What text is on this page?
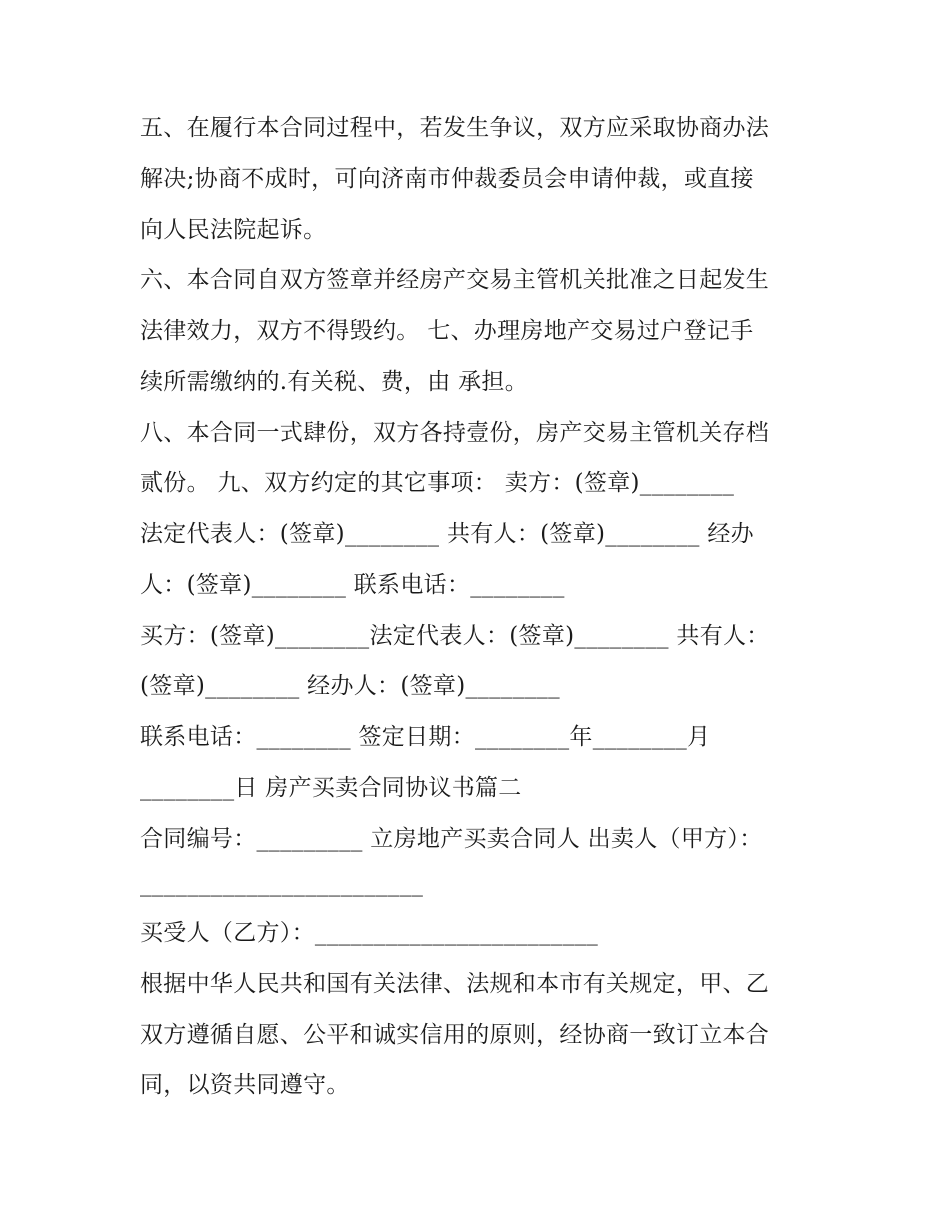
五、在履行本合同过程中，若发生争议，双方应采取协商办法
解决;协商不成时，可向济南市仲裁委员会申请仲裁，或直接
向人民法院起诉。
六、本合同自双方签章并经房产交易主管机关批准之日起发生
法律效力，双方不得毁约。 七、办理房地产交易过户登记手
续所需缴纳的.有关税、费，由 承担。
八、本合同一式肆份，双方各持壹份，房产交易主管机关存档
贰份。 九、双方约定的其它事项： 卖方：(签章)________
法定代表人：(签章)________ 共有人：(签章)________ 经办
人：(签章)________ 联系电话：________
买方：(签章)________法定代表人：(签章)________ 共有人：
(签章)________ 经办人：(签章)________
联系电话：________ 签定日期：________年________月
________日 房产买卖合同协议书篇二
合同编号：_________ 立房地产买卖合同人 出卖人（甲方）：
________________________
买受人（乙方）：________________________
根据中华人民共和国有关法律、法规和本市有关规定，甲、乙
双方遵循自愿、公平和诚实信用的原则，经协商一致订立本合
同，以资共同遵守。
